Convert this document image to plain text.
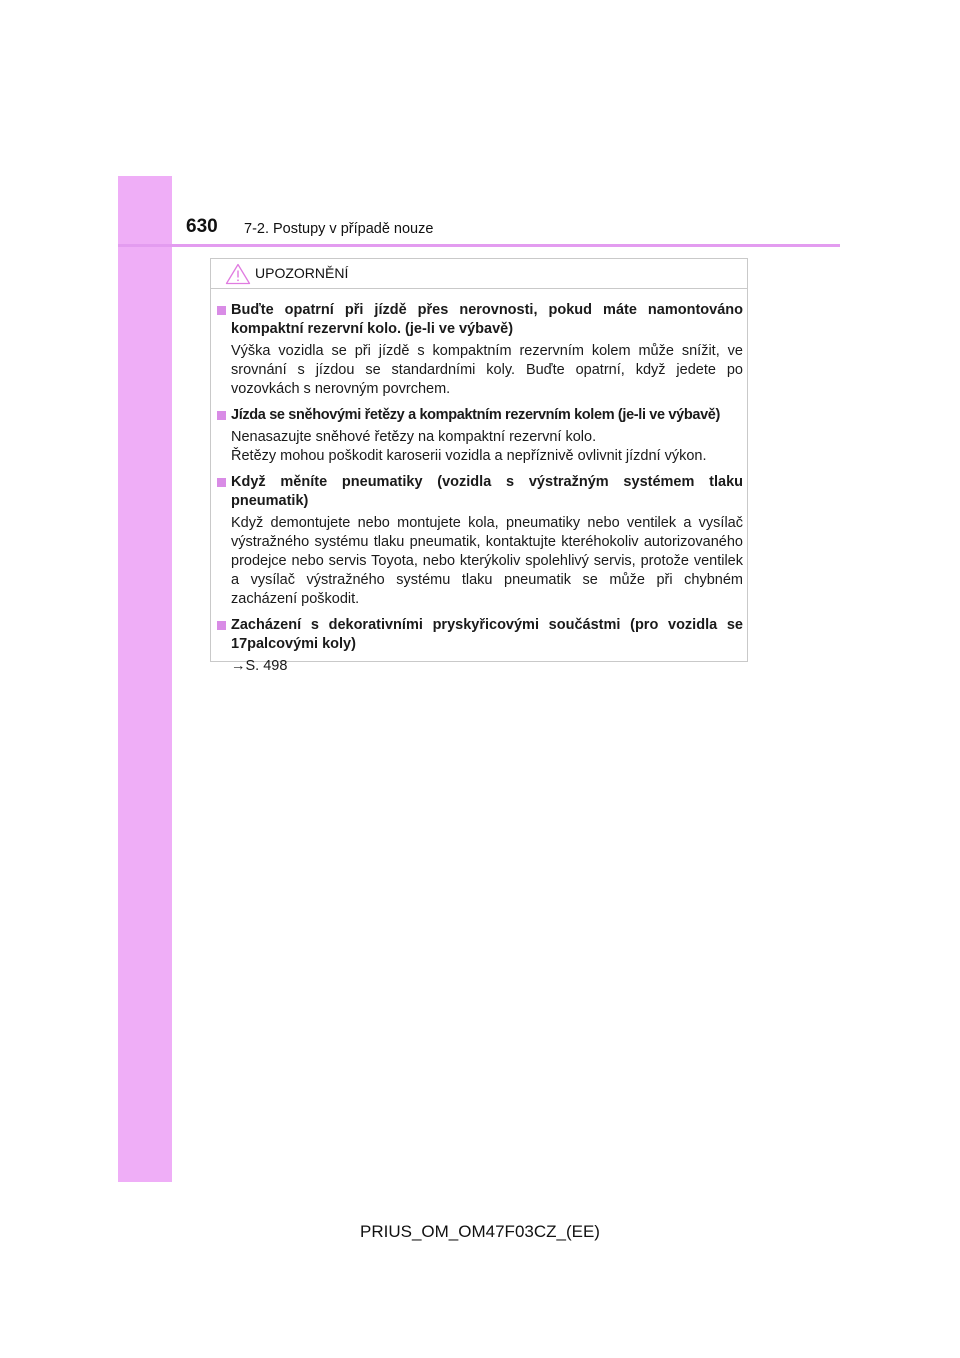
630 7-2. Postupy v případě nouze
UPOZORNĚNÍ
Buďte opatrní při jízdě přes nerovnosti, pokud máte namontováno kompaktní rezervní kolo. (je-li ve výbavě)
Výška vozidla se při jízdě s kompaktním rezervním kolem může snížit, ve srovnání s jízdou se standardními koly. Buďte opatrní, když jedete po vozovkách s nerovným povrchem.
Jízda se sněhovými řetězy a kompaktním rezervním kolem (je-li ve výbavě)
Nenasazujte sněhové řetězy na kompaktní rezervní kolo.
Řetězy mohou poškodit karoserii vozidla a nepříznivě ovlivnit jízdní výkon.
Když měníte pneumatiky (vozidla s výstražným systémem tlaku pneumatik)
Když demontujete nebo montujete kola, pneumatiky nebo ventilek a vysílač výstražného systému tlaku pneumatik, kontaktujte kteréhokoliv autorizovaného prodejce nebo servis Toyota, nebo kterýkoliv spolehlivý servis, protože ventilek a vysílač výstražného systému tlaku pneumatik se může při chybném zacházení poškodit.
Zacházení s dekorativními pryskyřicovými součástmi (pro vozidla se 17palcovými koly)
→S. 498
PRIUS_OM_OM47F03CZ_(EE)
